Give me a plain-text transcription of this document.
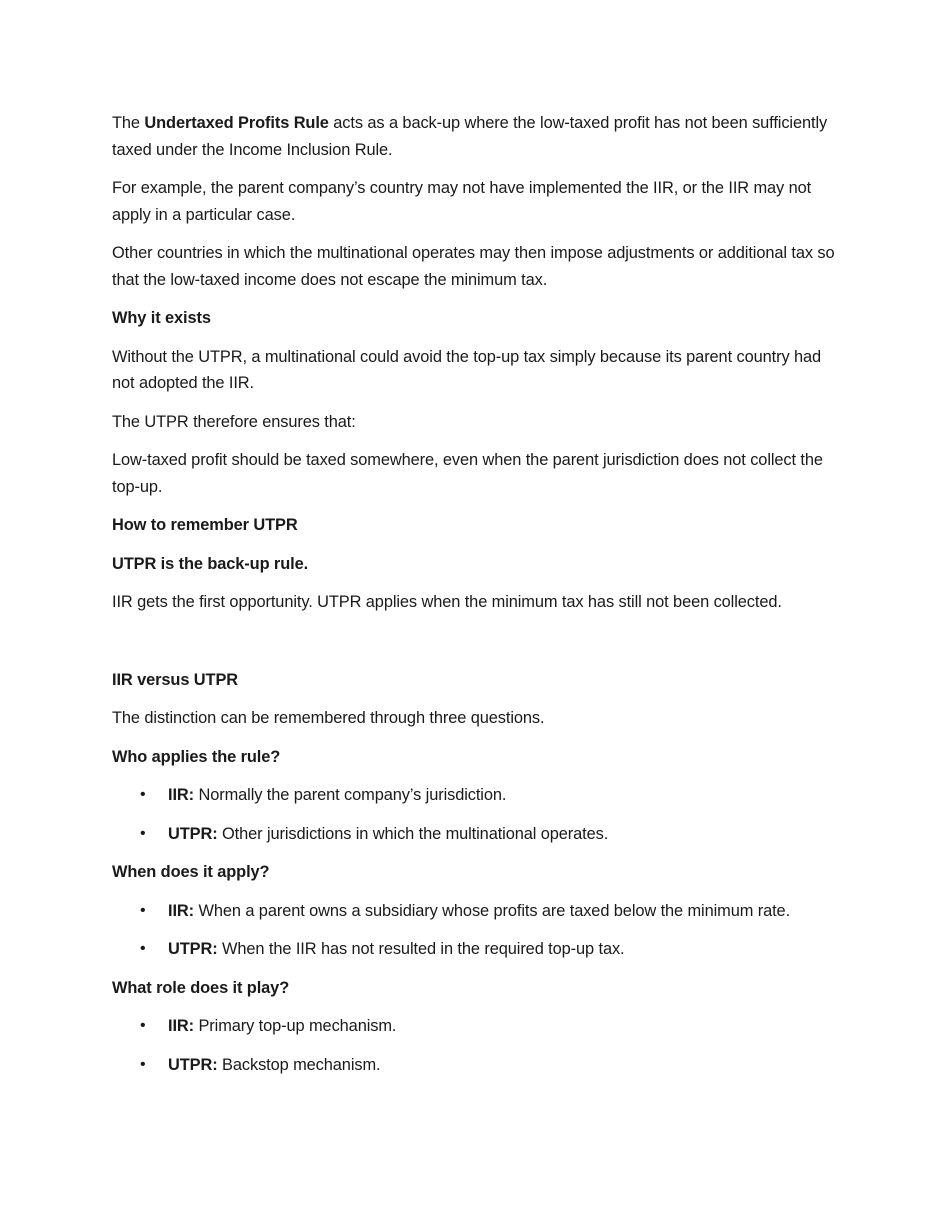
The Undertaxed Profits Rule acts as a back-up where the low-taxed profit has not been sufficiently taxed under the Income Inclusion Rule.

For example, the parent company’s country may not have implemented the IIR, or the IIR may not apply in a particular case.

Other countries in which the multinational operates may then impose adjustments or additional tax so that the low-taxed income does not escape the minimum tax.

Why it exists

Without the UTPR, a multinational could avoid the top-up tax simply because its parent country had not adopted the IIR.

The UTPR therefore ensures that:

Low-taxed profit should be taxed somewhere, even when the parent jurisdiction does not collect the top-up.

How to remember UTPR

UTPR is the back-up rule.

IIR gets the first opportunity. UTPR applies when the minimum tax has still not been collected.

IIR versus UTPR

The distinction can be remembered through three questions.

Who applies the rule?

• IIR: Normally the parent company’s jurisdiction.
• UTPR: Other jurisdictions in which the multinational operates.

When does it apply?

• IIR: When a parent owns a subsidiary whose profits are taxed below the minimum rate.
• UTPR: When the IIR has not resulted in the required top-up tax.

What role does it play?

• IIR: Primary top-up mechanism.
• UTPR: Backstop mechanism.
